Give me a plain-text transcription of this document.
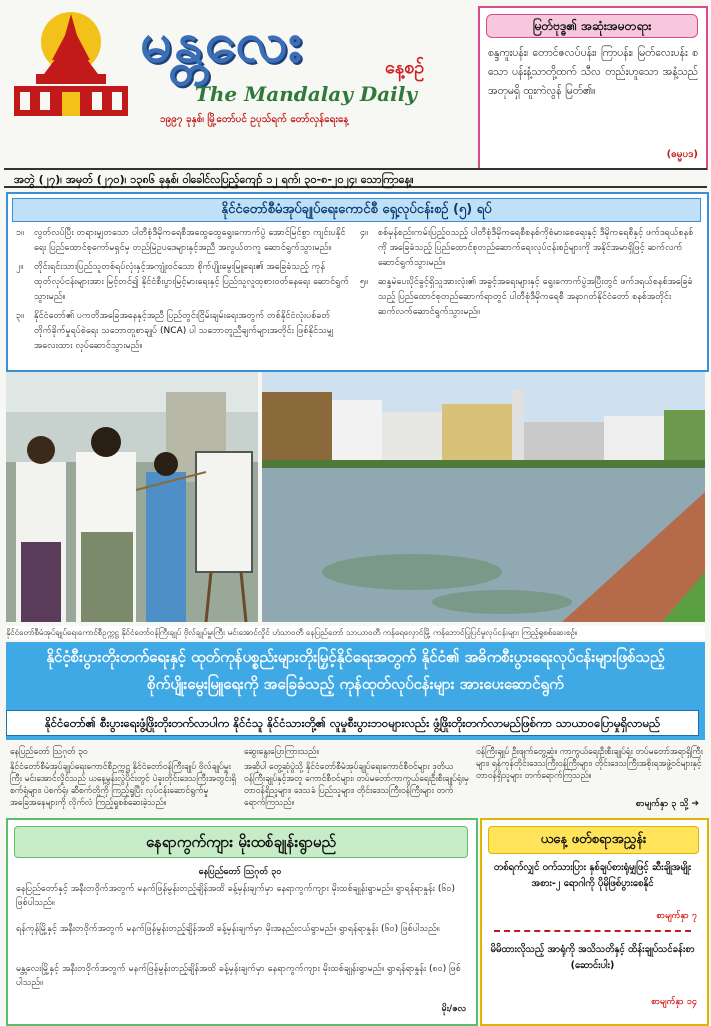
မန္တလေး	နေ့စဉ်
The Mandalay Daily
၁၉၉၇ ခုနှစ်၊ မြို့တော်ပင် ဥပုသ်ရက် တော်လှန်ရေးနေ့
မြတ်ဗုဒ္ဓ၏ အဆုံးအမတရား
စန္ဒကူးပန်း၊ တောင်ဇလပ်ပန်း၊ ကြာပန်း၊ မြတ်လေးပန်း စသော ပန်းနံ့သာတို့ထက် သီလ တည်းဟူသော အနံ့သည် အတုမရှိ ထူးကဲလွန် မြတ်၏။
(ဓမ္မပဒ)
အတွဲ (၂၇)၊ အမှတ် (၂၇၀)၊ ၁၃၈၆ ခုနှစ်၊ ဝါခေါင်လပြည့်ကျော် ၁၂ ရက်၊ ၃၀-၈-၂၀၂၄၊ သောကြာနေ့။
နိုင်ငံတော်စီမံအုပ်ချုပ်ရေးကောင်စီ ရှေ့လုပ်ငန်းစဉ် (၅) ရပ်

၁။	လွတ်လပ်ပြီး တရားမျှတသော ပါတီစုံဒီမိုကရေစီအထွေထွေရွေးကောက်ပွဲ အောင်မြင်စွာ ကျင်းပနိုင်ရေး ပြည်ထောင်စုကော်မရှင်မှ တည်မြဲဥပဒေများနှင့်အညီ အလွယ်တကူ ဆောင်ရွက်သွားမည်။

၂။	တိုင်းရင်းသားပြည်သူတစ်ရပ်လုံးနှင့်အကျုံးဝင်သော စိုက်ပျိုးမွေးမြူရေး၏ အခြေခံသည့် ကုန်ထုတ်လုပ်ငန်းများအား မြင့်တင်၍ နိုင်ငံစီးပွားမြင့်မားရေးနှင့် ပြည်သူလူထုစားဝတ်နေရေး ဆောင်ရွက်သွားမည်။

၃။	နိုင်ငံတော်၏ ပကတိအခြေအနေနှင့်အညီ ပြည်တွင်းငြိမ်းချမ်းရေးအတွက် တစ်နိုင်ငံလုံးပစ်ခတ်တိုက်ခိုက်မှုရပ်စဲရေး သဘောတူစာချုပ် (NCA) ပါ သဘောတူညီချက်များအတိုင်း ဖြစ်နိုင်သမျှ အလေးထား လုပ်ဆောင်သွားမည်။

၄။	စစ်မှန်စည်းကမ်းပြည့်ဝသည့် ပါတီစုံဒီမိုကရေစီစနစ်ကိုစံမားစေရေးနှင့် ဒီမိုကရေစီနှင့် ဖက်ဒရယ်စနစ်ကို အခြေခံသည့် ပြည်ထောင်စုတည်ဆောက်ရေးလုပ်ငန်းစဉ်များကို အနိုင်အမာရှိဖြင့် ဆက်လက်ဆောင်ရွက်သွားမည်။

၅။	ဆန္ဒမဲပေးပိုင်ခွင့်ရှိသူအားလုံး၏ အခွင့်အရေးများနှင့် ရွေးကောက်ပွဲအပြီးတွင် ဖက်ဒရယ်စနစ်အခြေခံသည့် ပြည်ထောင်စုတည်ဆောက်ရာတွင် ပါတီစုံဒီမိုကရေစီ အနာဂတ်နိုင်ငံတော် စနစ်အတိုင်း ဆက်လက်ဆောင်ရွက်သွားမည်။

နိုင်ငံတော်စီမံအုပ်ချုပ်ရေးကောင်စီဥက္ကဋ္ဌ နိုင်ငံတော်ဝန်ကြီးချုပ် ဗိုလ်ချုပ်မှူးကြီး မင်းအောင်လှိုင် ဟံသာဝတီ နေပြည်တော် သာယာဝတီ ကန်ရေလှောင်မြို့ ကန်ဘောင်ပြုပြင်မှုလုပ်ငန်းများ ကြည့်ရှုစစ်ဆေးစဉ်။
နိုင်ငံ့စီးပွားတိုးတက်ရေးနှင့် ထုတ်ကုန်ပစ္စည်းများတိုးမြှင့်နိုင်ရေးအတွက် နိုင်ငံ၏ အဓိကစီးပွားရေးလုပ်ငန်းများဖြစ်သည့်
စိုက်ပျိုးမွေးမြူရေးကို အခြေခံသည့် ကုန်ထုတ်လုပ်ငန်းများ အားပေးဆောင်ရွက်
နိုင်ငံတော်၏ စီးပွားရေးဖွံ့ဖြိုးတိုးတက်လာပါက နိုင်ငံသူ နိုင်ငံသားတို့၏ လူမှုစီးပွားဘဝများလည်း ဖွံ့ဖြိုးတိုးတက်လာမည်ဖြစ်ကာ သာယာဝပြောမှုရှိလာမည်

နေပြည်တော် ဩဂုတ် ၃၀

နိုင်ငံတော်စီမံအုပ်ချုပ်ရေးကောင်စီဥက္ကဋ္ဌ နိုင်ငံတော်ဝန်ကြီးချုပ် ဗိုလ်ချုပ်မှူးကြီး မင်းအောင်လှိုင်သည် ယနေ့မွန်းလွဲပိုင်းတွင် ပဲခူးတိုင်းဒေသကြီးအတွင်းရှိ စက်ရုံများ၊ ပဲစက်ရုံ၊ ဆီစက်တို့ကို ကြည့်ရှုပြီး လုပ်ငန်းဆောင်ရွက်မှုအခြေအနေများကို လိုက်လံ ကြည့်ရှုစစ်ဆေးခဲ့သည်။

ဆွေးနွေးပြောကြားသည်။

အဆိုပါ တွေ့ဆုံပွဲသို့ နိုင်ငံတော်စီမံအုပ်ချုပ်ရေးကောင်စီဝင်များ ဒုတိယဝန်ကြီးချုပ်နှင့်အတူ ကောင်စီဝင်များ၊ တပ်မတော်ကာကွယ်ရေးဦးစီးချုပ်ရုံးမှ တာဝန်ရှိသူများ၊ ဒေသခံ ပြည်သူများ၊ တိုင်းဒေသကြီးဝန်ကြီးများ တက်ရောက်ကြသည်။

ဝန်ကြီးချုပ် ဦးဖျက်တွေ့ဆုံ။ ကာကွယ်ရေးဦးစီးချုပ်ရုံး တပ်မတော်အရာရှိကြီးများ၊ ရန်ကုန်တိုင်းဒေသကြီးဝန်ကြီးများ၊ တိုင်းဒေသကြီးအစိုးရအဖွဲ့ဝင်များနှင့် တာဝန်ရှိသူများ တက်ရောက်ကြသည်။

စာမျက်နှာ ၃ သို့ ➔
နေရာကွက်ကျား မိုးထစ်ချုန်းရွာမည်
နေပြည်တော် ဩဂုတ် ၃၀
နေပြည်တော်နှင့် အနီးတဝိုက်အတွက် မနက်ဖြန်မွန်းတည့်ချိန်အထိ ခန့်မှန်းချက်မှာ နေရာကွက်ကျား မိုးထစ်ချုန်းရွာမည်။ ရွာရန်ရာနှုန်း (၆၀) ဖြစ်ပါသည်။
ရန်ကုန်မြို့နှင့် အနီးတဝိုက်အတွက် မနက်ဖြန်မွန်းတည့်ချိန်အထိ ခန့်မှန်းချက်မှာ မိုးအနည်းငယ်ရွာမည်။ ရွာရန်ရာနှုန်း (၆၀) ဖြစ်ပါသည်။
မန္တလေးမြို့နှင့် အနီးတဝိုက်အတွက် မနက်ဖြန်မွန်းတည့်ချိန်အထိ ခန့်မှန်းချက်မှာ နေရာကွက်ကျား မိုးထစ်ချုန်းရွာမည်။ ရွာရန်ရာနှုန်း (၈၀) ဖြစ်ပါသည်။
မိုး/ဇလ
ယနေ့ ဖတ်စရာအညွှန်း
တစ်ရက်လျှင် ဝက်သားပြား နှစ်ချပ်စားရုံမျှဖြင့် ဆီးချိုအမျိုးအစား-၂ ရောဂါကို ပိုမိုဖြစ်ပွားစေနိုင်
စာမျက်နှာ ၇
မိမိထားလိုသည့် အာရုံကို အသိသတိနှင့် ထိန်းချုပ်သင်ခန်းစာ (ဆောင်းပါး)
စာမျက်နှာ ၁၄
